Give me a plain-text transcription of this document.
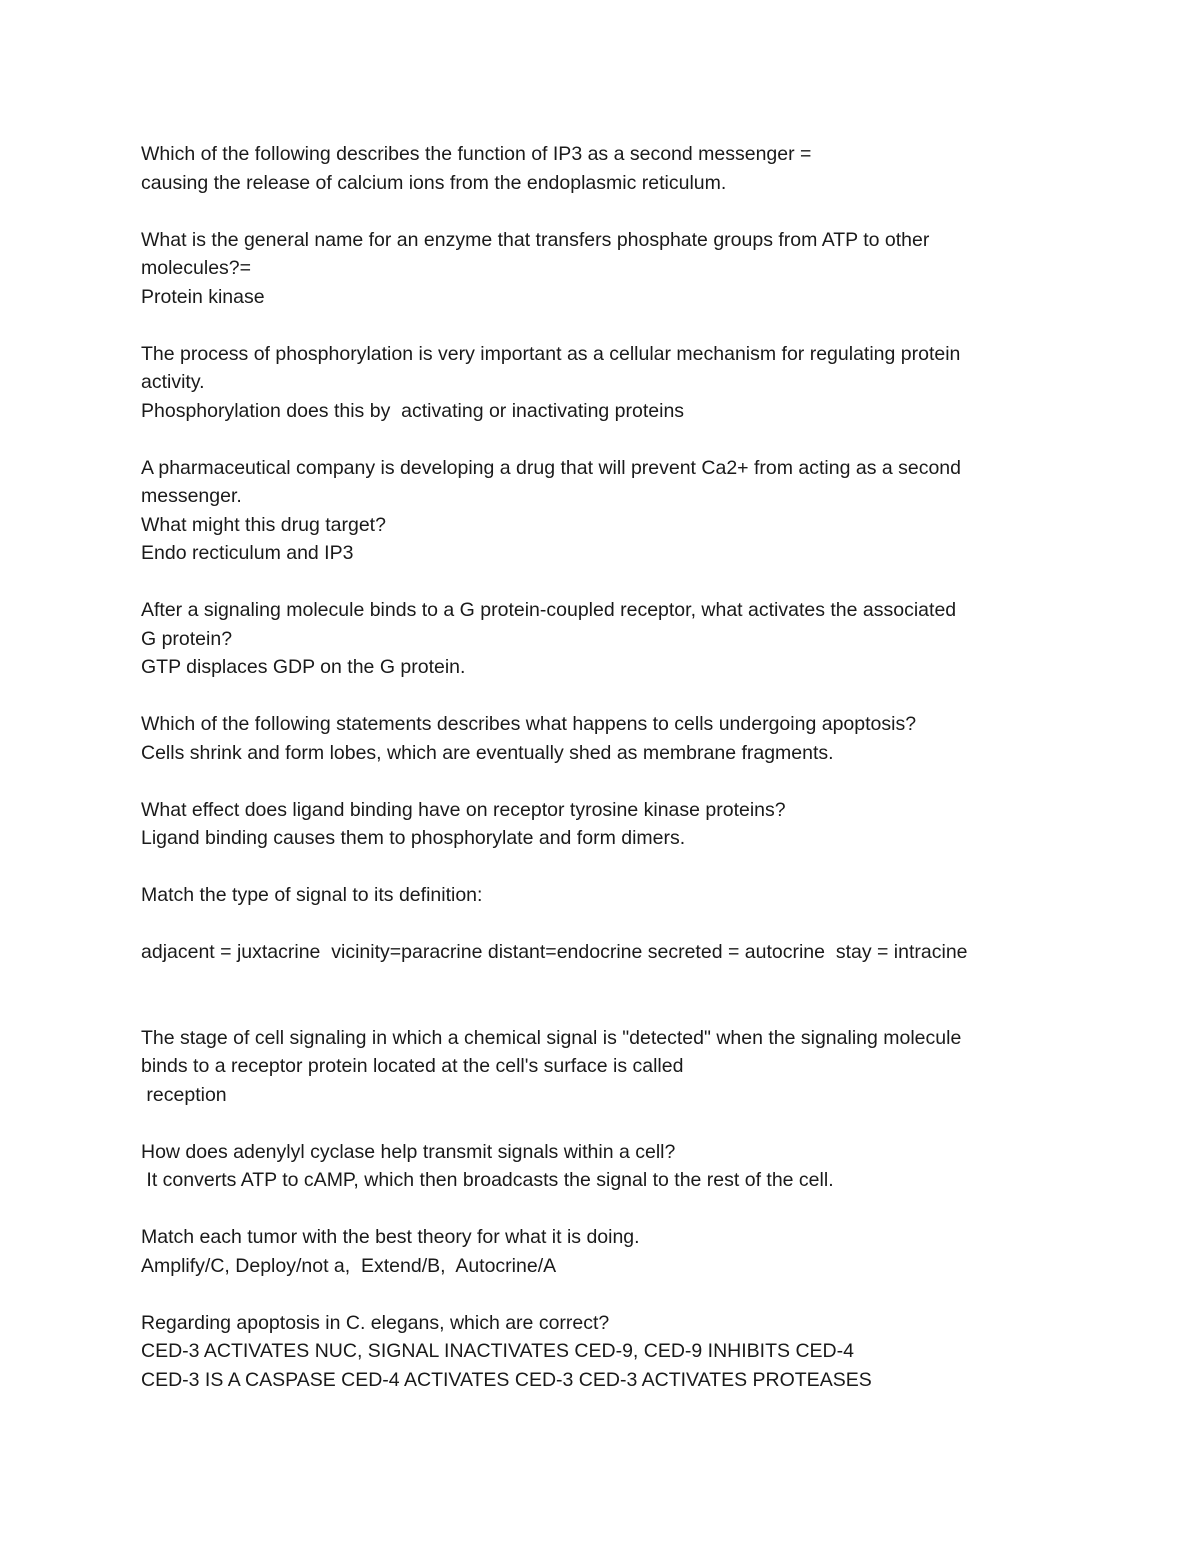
Which of the following describes the function of IP3 as a second messenger =
causing the release of calcium ions from the endoplasmic reticulum.
What is the general name for an enzyme that transfers phosphate groups from ATP to other
molecules?=
Protein kinase
The process of phosphorylation is very important as a cellular mechanism for regulating protein
activity.
Phosphorylation does this by  activating or inactivating proteins
A pharmaceutical company is developing a drug that will prevent Ca2+ from acting as a second
messenger.
What might this drug target?
Endo recticulum and IP3
After a signaling molecule binds to a G protein-coupled receptor, what activates the associated
G protein?
GTP displaces GDP on the G protein.
Which of the following statements describes what happens to cells undergoing apoptosis?
Cells shrink and form lobes, which are eventually shed as membrane fragments.
What effect does ligand binding have on receptor tyrosine kinase proteins?
Ligand binding causes them to phosphorylate and form dimers.
Match the type of signal to its definition:
adjacent = juxtacrine  vicinity=paracrine distant=endocrine secreted = autocrine  stay = intracine
The stage of cell signaling in which a chemical signal is "detected" when the signaling molecule
binds to a receptor protein located at the cell's surface is called
reception
How does adenylyl cyclase help transmit signals within a cell?
It converts ATP to cAMP, which then broadcasts the signal to the rest of the cell.
Match each tumor with the best theory for what it is doing.
Amplify/C, Deploy/not a,  Extend/B,  Autocrine/A
Regarding apoptosis in C. elegans, which are correct?
CED-3 ACTIVATES NUC, SIGNAL INACTIVATES CED-9, CED-9 INHIBITS CED-4
CED-3 IS A CASPASE CED-4 ACTIVATES CED-3 CED-3 ACTIVATES PROTEASES
